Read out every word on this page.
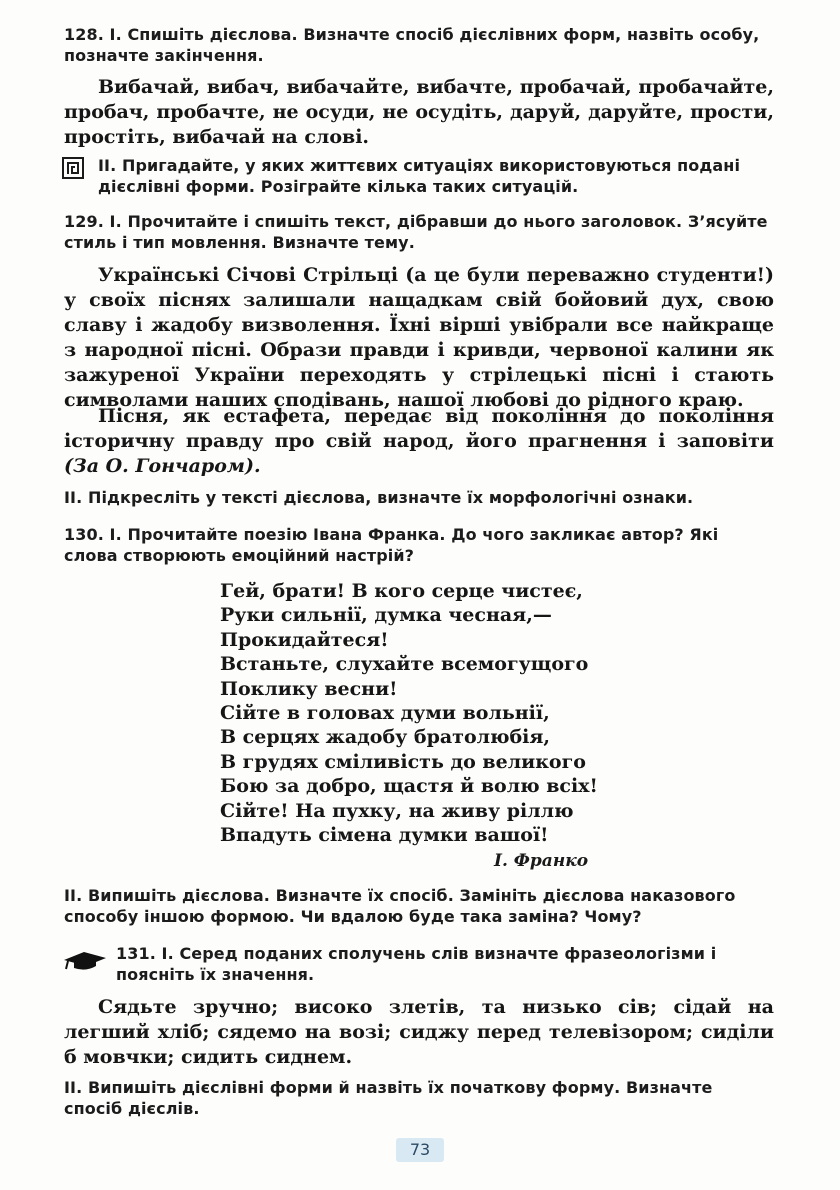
128. І. Спишіть дієслова. Визначте спосіб дієслівних форм, назвіть особу, позначте закінчення.
Вибачай, вибач, вибачайте, вибачте, пробачай, пробачайте, пробач, пробачте, не осуди, не осудіть, даруй, даруйте, прости, простіть, вибачай на слові.
ІІ. Пригадайте, у яких життєвих ситуаціях використовуються подані дієслівні форми. Розіграйте кілька таких ситуацій.
129. І. Прочитайте і спишіть текст, дібравши до нього заголовок. З’ясуйте стиль і тип мовлення. Визначте тему.
Українські Січові Стрільці (а це були переважно студенти!) у своїх піснях залишали нащадкам свій бойовий дух, свою славу і жадобу визволення. Їхні вірші увібрали все найкраще з народної пісні. Образи правди і кривди, червоної калини як зажуреної України переходять у стрілецькі пісні і стають символами наших сподівань, нашої любові до рідного краю.
Пісня, як естафета, передає від покоління до покоління історичну правду про свій народ, його прагнення і заповіти (За О. Гончаром).
ІІ. Підкресліть у тексті дієслова, визначте їх морфологічні ознаки.
130. І. Прочитайте поезію Івана Франка. До чого закликає автор? Які слова створюють емоційний настрій?
Гей, брати! В кого серце чистеє,
Руки сильнії, думка чесная,—
Прокидайтеся!
Встаньте, слухайте всемогущого
Поклику весни!
Сійте в головах думи вольнії,
В серцях жадобу братолюбія,
В грудях сміливість до великого
Бою за добро, щастя й волю всіх!
Сійте! На пухку, на живу ріллю
Впадуть сімена думки вашої!
І. Франко
ІІ. Випишіть дієслова. Визначте їх спосіб. Замініть дієслова наказового способу іншою формою. Чи вдалою буде така заміна? Чому?
131. І. Серед поданих сполучень слів визначте фразеологізми і поясніть їх значення.
Сядьте зручно; високо злетів, та низько сів; сідай на легший хліб; сядемо на возі; сиджу перед телевізором; сиділи б мовчки; сидить сиднем.
ІІ. Випишіть дієслівні форми й назвіть їх початкову форму. Визначте спосіб дієслів.
73
